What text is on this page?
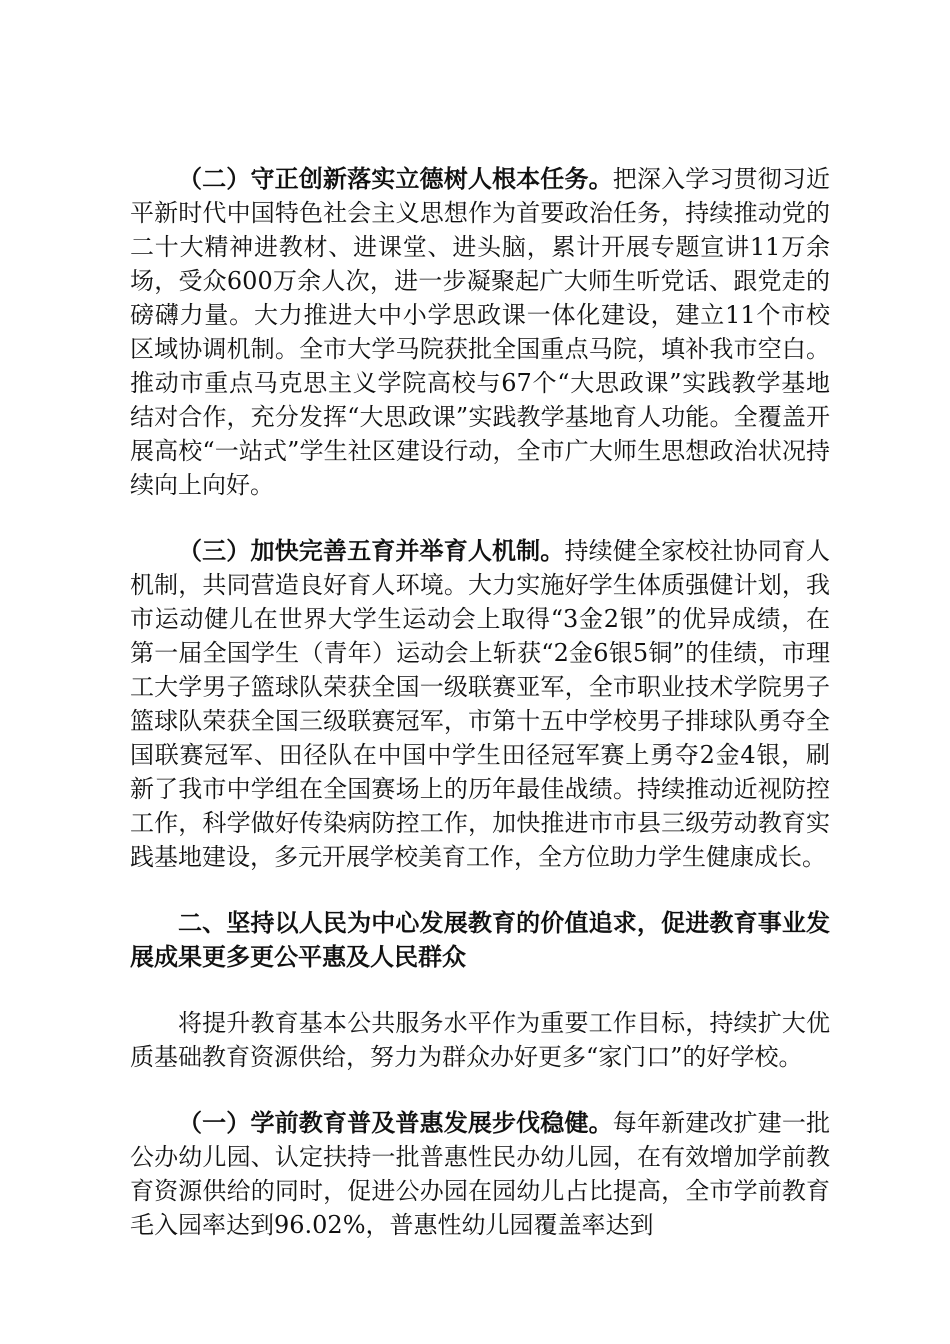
（二）守正创新落实立德树人根本任务。把深入学习贯彻习近平新时代中国特色社会主义思想作为首要政治任务，持续推动党的二十大精神进教材、进课堂、进头脑，累计开展专题宣讲11万余场，受众600万余人次，进一步凝聚起广大师生听党话、跟党走的磅礴力量。大力推进大中小学思政课一体化建设，建立11个市校区域协调机制。全市大学马院获批全国重点马院，填补我市空白。推动市重点马克思主义学院高校与67个“大思政课”实践教学基地结对合作，充分发挥“大思政课”实践教学基地育人功能。全覆盖开展高校“一站式”学生社区建设行动，全市广大师生思想政治状况持续向上向好。

（三）加快完善五育并举育人机制。持续健全家校社协同育人机制，共同营造良好育人环境。大力实施好学生体质强健计划，我市运动健儿在世界大学生运动会上取得“3金2银”的优异成绩，在第一届全国学生（青年）运动会上斩获“2金6银5铜”的佳绩，市理工大学男子篮球队荣获全国一级联赛亚军，全市职业技术学院男子篮球队荣获全国三级联赛冠军，市第十五中学校男子排球队勇夺全国联赛冠军、田径队在中国中学生田径冠军赛上勇夺2金4银，刷新了我市中学组在全国赛场上的历年最佳战绩。持续推动近视防控工作，科学做好传染病防控工作，加快推进市市县三级劳动教育实践基地建设，多元开展学校美育工作，全方位助力学生健康成长。

二、坚持以人民为中心发展教育的价值追求，促进教育事业发展成果更多更公平惠及人民群众

将提升教育基本公共服务水平作为重要工作目标，持续扩大优质基础教育资源供给，努力为群众办好更多“家门口”的好学校。

（一）学前教育普及普惠发展步伐稳健。每年新建改扩建一批公办幼儿园、认定扶持一批普惠性民办幼儿园，在有效增加学前教育资源供给的同时，促进公办园在园幼儿占比提高，全市学前教育毛入园率达到96.02%，普惠性幼儿园覆盖率达到
